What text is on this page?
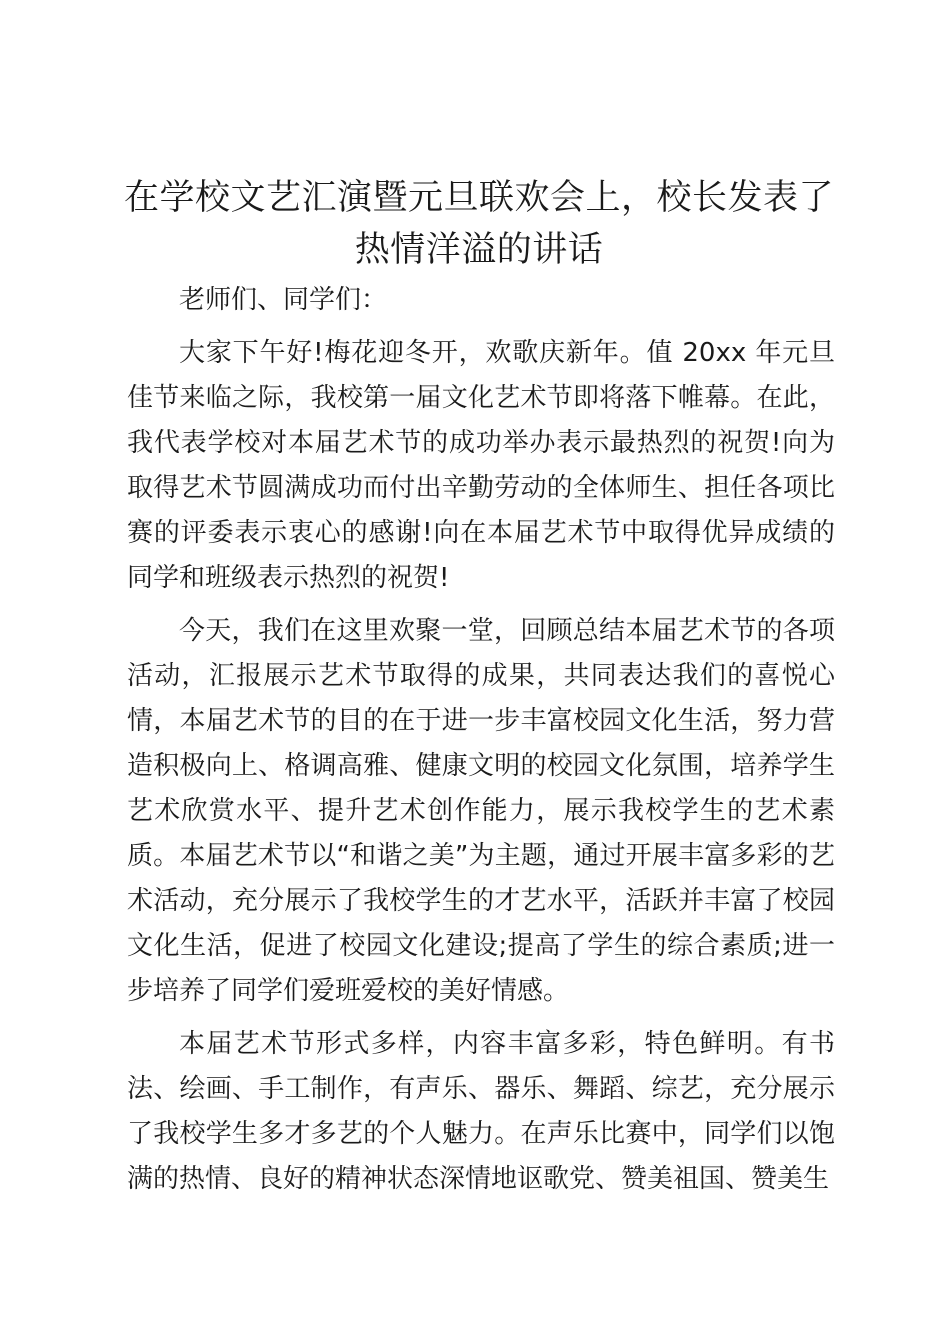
在学校文艺汇演暨元旦联欢会上，校长发表了热情洋溢的讲话

老师们、同学们：

大家下午好!梅花迎冬开，欢歌庆新年。值 20xx 年元旦佳节来临之际，我校第一届文化艺术节即将落下帷幕。在此，我代表学校对本届艺术节的成功举办表示最热烈的祝贺!向为取得艺术节圆满成功而付出辛勤劳动的全体师生、担任各项比赛的评委表示衷心的感谢!向在本届艺术节中取得优异成绩的同学和班级表示热烈的祝贺!

今天，我们在这里欢聚一堂，回顾总结本届艺术节的各项活动，汇报展示艺术节取得的成果，共同表达我们的喜悦心情，本届艺术节的目的在于进一步丰富校园文化生活，努力营造积极向上、格调高雅、健康文明的校园文化氛围，培养学生艺术欣赏水平、提升艺术创作能力，展示我校学生的艺术素质。本届艺术节以“和谐之美”为主题，通过开展丰富多彩的艺术活动，充分展示了我校学生的才艺水平，活跃并丰富了校园文化生活，促进了校园文化建设;提高了学生的综合素质;进一步培养了同学们爱班爱校的美好情感。

本届艺术节形式多样，内容丰富多彩，特色鲜明。有书法、绘画、手工制作，有声乐、器乐、舞蹈、综艺，充分展示了我校学生多才多艺的个人魅力。在声乐比赛中，同学们以饱满的热情、良好的精神状态深情地讴歌党、赞美祖国、赞美生
